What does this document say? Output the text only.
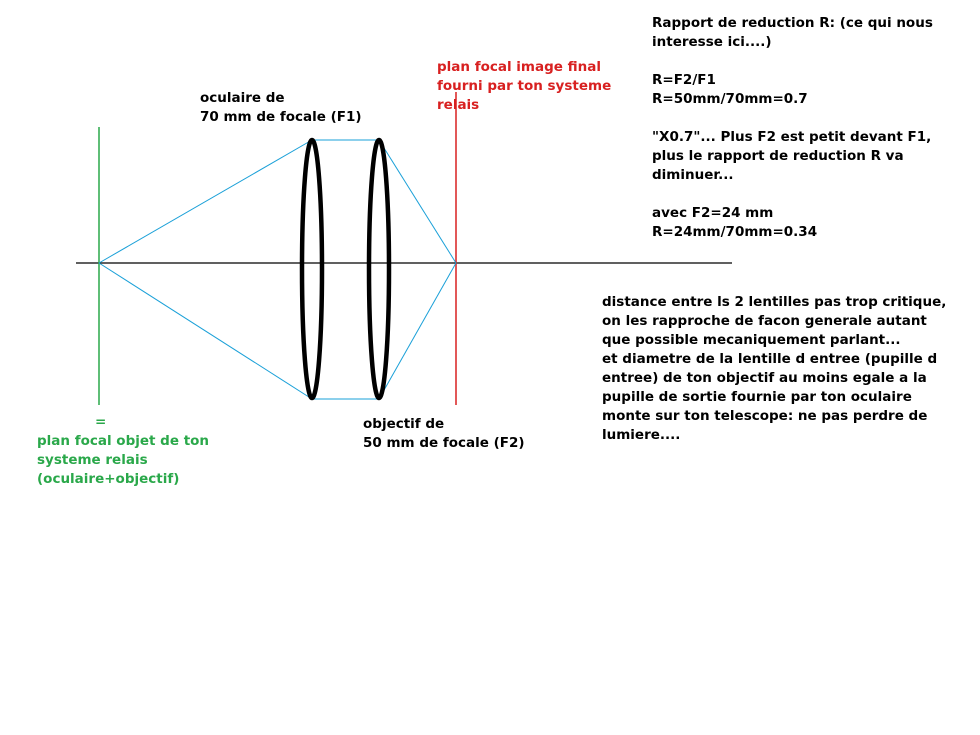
oculaire de
70 mm de focale (F1)
objectif de
50 mm de focale (F2)
plan focal image final
fourni par ton systeme
relais
=
plan focal objet de ton
systeme relais
(oculaire+objectif)
Rapport de reduction R: (ce qui nous
interesse ici....)
R=F2/F1
R=50mm/70mm=0.7
"X0.7"... Plus F2 est petit devant F1,
plus le rapport de reduction R va
diminuer...
avec F2=24 mm
R=24mm/70mm=0.34
distance entre ls 2 lentilles pas trop critique,
on les rapproche de facon generale autant
que possible mecaniquement parlant...
et diametre de la lentille d entree (pupille d
entree) de ton objectif au moins egale a la
pupille de sortie fournie par ton oculaire
monte sur ton telescope: ne pas perdre de
lumiere....
